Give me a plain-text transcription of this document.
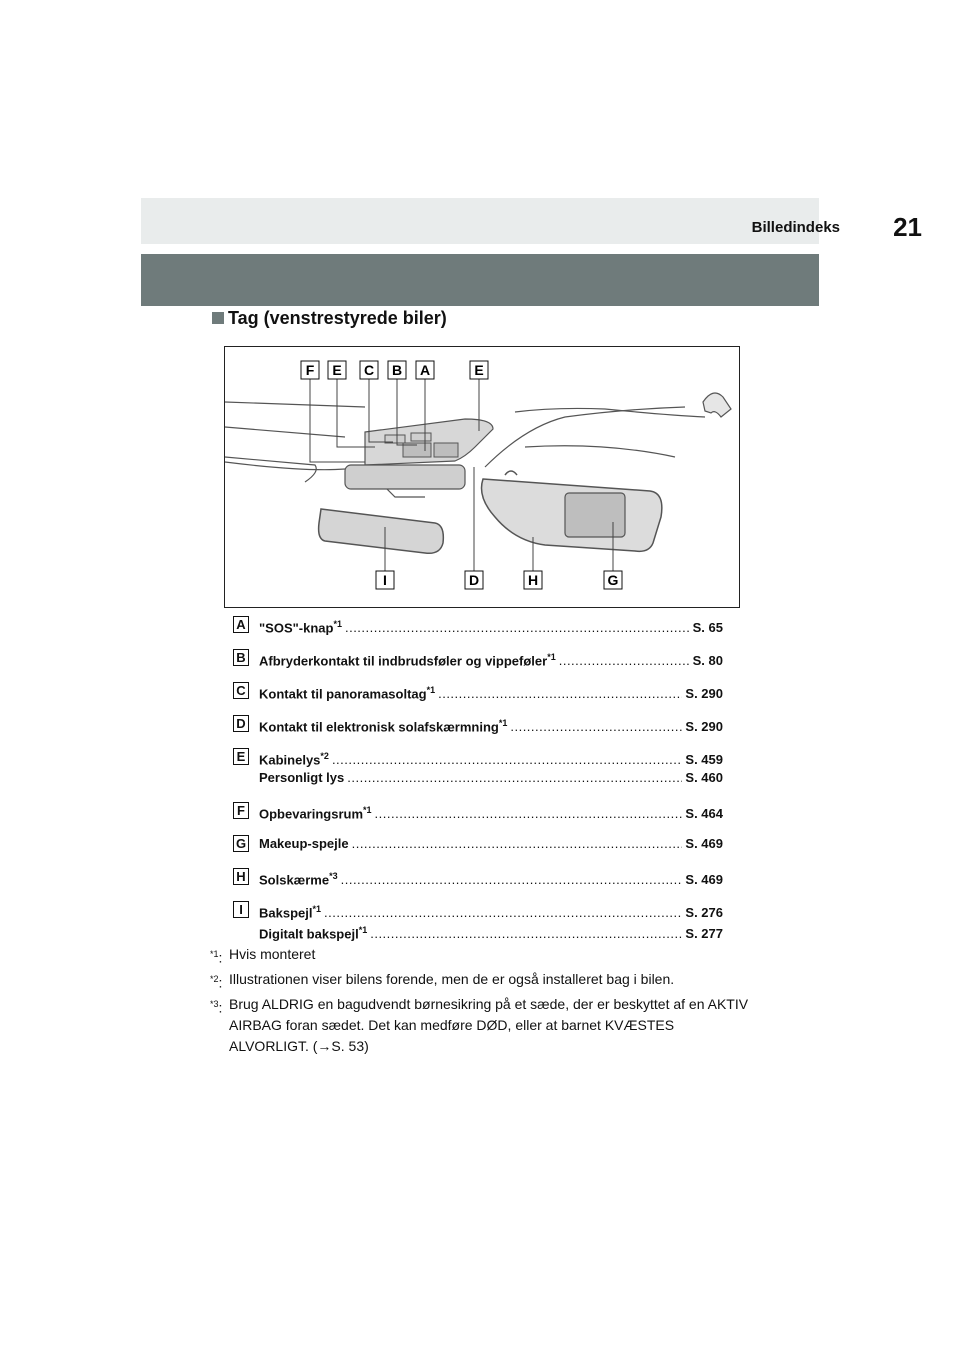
Billedindeks 21
Tag (venstrestyrede biler)
F E C B A	E
I	D	H	G
A "SOS"-knap$^{*1}$ .....	S. 65
B Afbryderkontakt til indbrudsføler og vippeføler$^{*1}$ .....	S. 80
C Kontakt til panoramasoltag$^{*1}$ .....	S. 290
D Kontakt til elektronisk solafskærmning$^{*1}$ .....	S. 290
E Kabinelys$^{*2}$ .....	S. 459
Personligt lys .....	S. 460
F	Opbevaringsrum$^{*1}$ .....	S. 464
G Makeup-spejle .....	S. 469
H Solskærme$^{*3}$ .....	S. 469
I	Bakspejl$^{*1}$ .....	S. 276
Digitalt bakspejl$^{*1}$ .....	S. 277
$^{*1}$: Hvis monteret
$^{*2}$: Illustrationen viser bilens forende, men de er også installeret bag i bilen.
$^{*3}$: Brug ALDRIG en bagudvendt børnesikring på et sæde, der er beskyttet af en AKTIV AIRBAG foran sædet. Det kan medføre DØD, eller at barnet KVÆSTES ALVORLIGT. (→S. 53)
